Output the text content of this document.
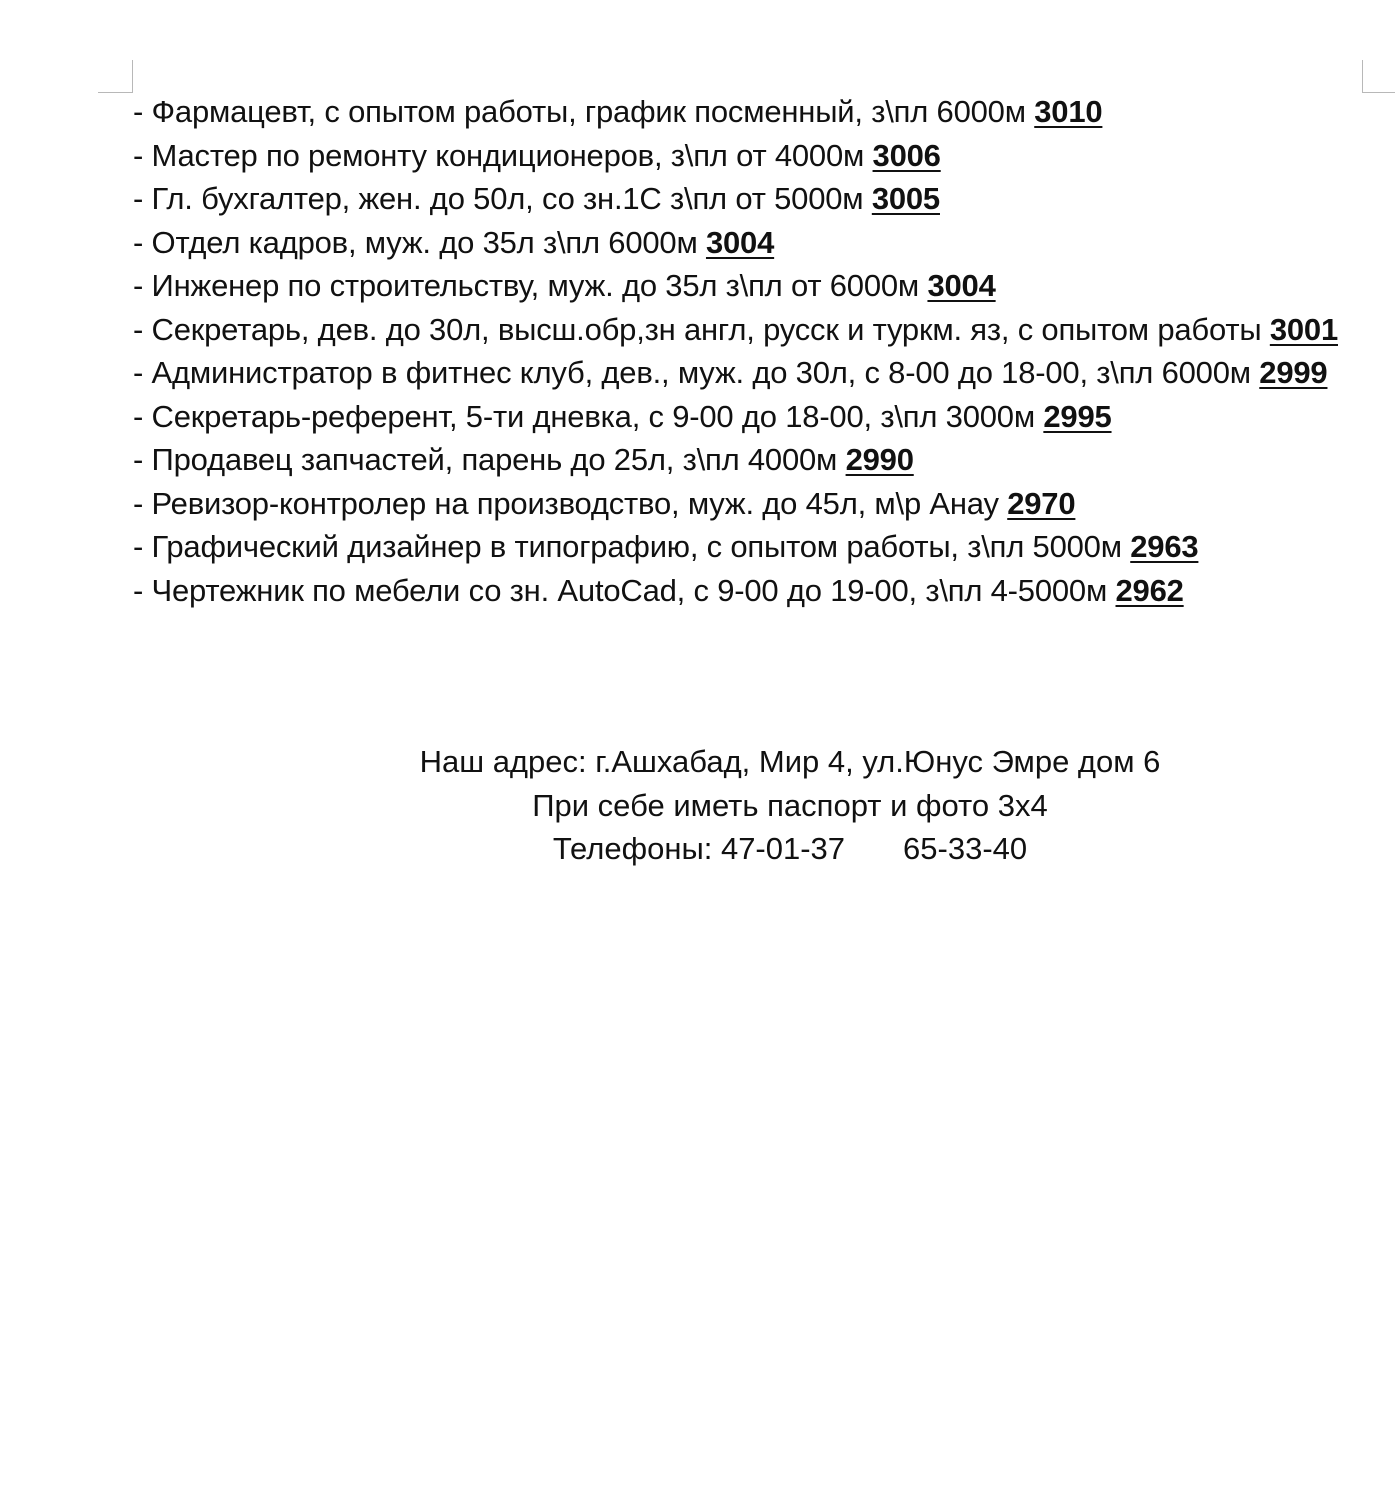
- Фармацевт, с опытом работы, график посменный, з\пл 6000м 3010
- Мастер по ремонту кондиционеров, з\пл от 4000м 3006
- Гл. бухгалтер, жен. до 50л, со зн.1С з\пл от 5000м 3005
- Отдел кадров, муж. до 35л з\пл 6000м 3004
- Инженер по строительству, муж. до 35л з\пл от 6000м 3004
- Секретарь, дев. до 30л, высш.обр,зн англ, русск и туркм. яз, с опытом работы 3001
- Администратор в фитнес клуб, дев., муж. до 30л, с 8-00 до 18-00, з\пл 6000м 2999
- Секретарь-референт, 5-ти дневка, с 9-00 до 18-00, з\пл 3000м 2995
- Продавец запчастей, парень до 25л, з\пл 4000м 2990
- Ревизор-контролер на производство, муж. до 45л, м\р Анау 2970
- Графический дизайнер в типографию, с опытом работы, з\пл 5000м 2963
- Чертежник по мебели со зн. AutoCad, с 9-00 до 19-00, з\пл 4-5000м 2962
Наш адрес: г.Ашхабад, Мир 4, ул.Юнус Эмре дом 6
При себе иметь паспорт и фото 3х4
Телефоны: 47-01-37 65-33-40
